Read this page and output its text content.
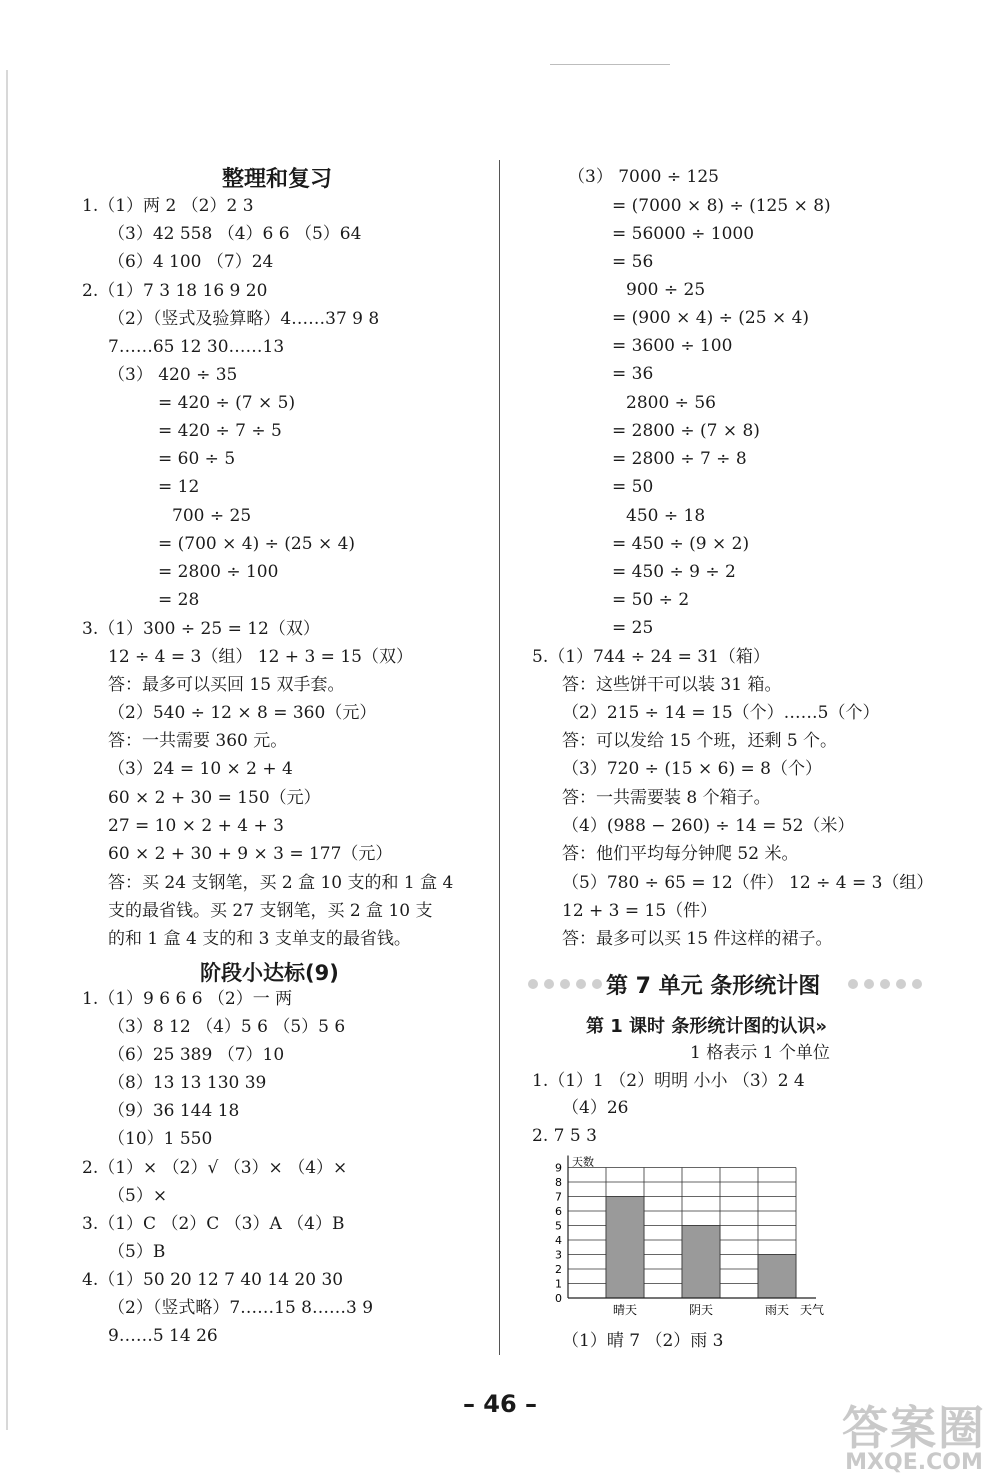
整理和复习
1.（1）两 2 （2）2 3
（3）42 558 （4）6 6 （5）64
（6）4 100 （7）24
2.（1）7 3 18 16 9 20
（2）（竖式及验算略）4……37 9 8
7……65 12 30……13
（3） 420 ÷ 35
= 420 ÷ (7 × 5)
= 420 ÷ 7 ÷ 5
= 60 ÷ 5
= 12
700 ÷ 25
= (700 × 4) ÷ (25 × 4)
= 2800 ÷ 100
= 28
3.（1）300 ÷ 25 = 12（双）
12 ÷ 4 = 3（组） 12 + 3 = 15（双）
答：最多可以买回 15 双手套。
（2）540 ÷ 12 × 8 = 360（元）
答：一共需要 360 元。
（3）24 = 10 × 2 + 4
60 × 2 + 30 = 150（元）
27 = 10 × 2 + 4 + 3
60 × 2 + 30 + 9 × 3 = 177（元）
答：买 24 支钢笔，买 2 盒 10 支的和 1 盒 4
支的最省钱。买 27 支钢笔，买 2 盒 10 支
的和 1 盒 4 支的和 3 支单支的最省钱。
阶段小达标(9)
1.（1）9 6 6 6 （2）一 两
（3）8 12 （4）5 6 （5）5 6
（6）25 389 （7）10
（8）13 13 130 39
（9）36 144 18
（10）1 550
2.（1）× （2）√ （3）× （4）×
（5）×
3.（1）C （2）C （3）A （4）B
（5）B
4.（1）50 20 12 7 40 14 20 30
（2）（竖式略）7……15 8……3 9
9……5 14 26
（3） 7000 ÷ 125
= (7000 × 8) ÷ (125 × 8)
= 56000 ÷ 1000
= 56
900 ÷ 25
= (900 × 4) ÷ (25 × 4)
= 3600 ÷ 100
= 36
2800 ÷ 56
= 2800 ÷ (7 × 8)
= 2800 ÷ 7 ÷ 8
= 50
450 ÷ 18
= 450 ÷ (9 × 2)
= 450 ÷ 9 ÷ 2
= 50 ÷ 2
= 25
5.（1）744 ÷ 24 = 31（箱）
答：这些饼干可以装 31 箱。
（2）215 ÷ 14 = 15（个）……5（个）
答：可以发给 15 个班，还剩 5 个。
（3）720 ÷ (15 × 6) = 8（个）
答：一共需要装 8 个箱子。
（4）(988 − 260) ÷ 14 = 52（米）
答：他们平均每分钟爬 52 米。
（5）780 ÷ 65 = 12（件） 12 ÷ 4 = 3（组）
12 + 3 = 15（件）
答：最多可以买 15 件这样的裙子。
第 7 单元 条形统计图
第 1 课时 条形统计图的认识»
1 格表示 1 个单位
1.（1）1 （2）明明 小小 （3）2 4
（4）26
2. 7 5 3
0
1
2
3
4
5
6
7
8
9
晴天	阴天	雨天
天数
天气
（1）晴 7 （2）雨 3
– 46 –	答案圈
MXQE.COM
